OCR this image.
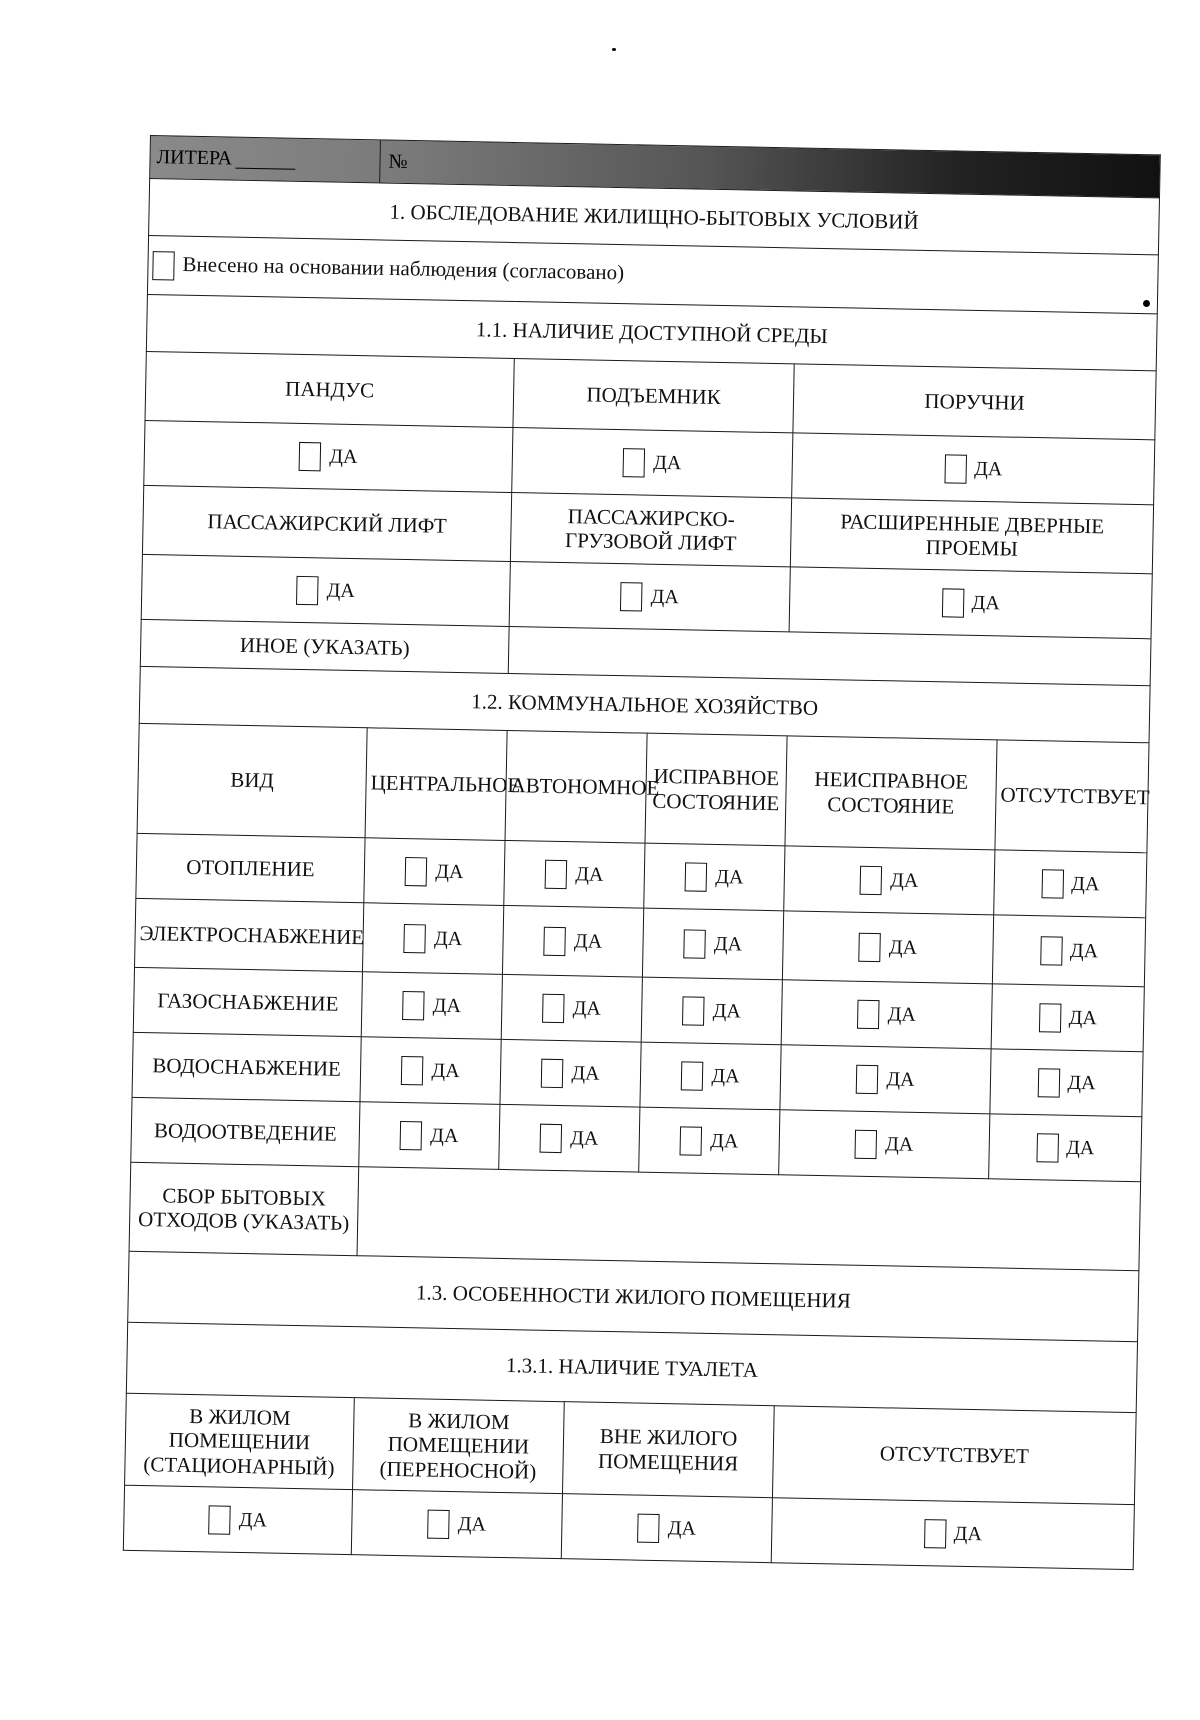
ЛИТЕРА №						

1. ОБСЛЕДОВАНИЕ ЖИЛИЩНО-БЫТОВЫХ УСЛОВИЙ						
Внесено на основании наблюдения (согласовано)						
1.1. НАЛИЧИЕ ДОСТУПНОЙ СРЕДЫ						
ПАНДУС		ПОДЪЕМНИК			ПОРУЧНИ	
ДА		ДА			ДА	
ПАССАЖИРСКИЙ ЛИФТ		ПАССАЖИРСКО-ГРУЗОВОЙ ЛИФТ			РАСШИРЕННЫЕ ДВЕРНЫЕ ПРОЕМЫ	
ДА		ДА			ДА	
ИНОЕ (УКАЗАТЬ)						
1.2. КОММУНАЛЬНОЕ ХОЗЯЙСТВО						
ВИД	ЦЕНТРАЛЬНОЕ	АВТОНОМНОЕ		ИСПРАВНОЕ СОСТОЯНИЕ	НЕИСПРАВНОЕ СОСТОЯНИЕ	ОТСУТСТВУЕТ
ОТОПЛЕНИЕ	ДА	ДА		ДА	ДА	ДА
ЭЛЕКТРОСНАБЖЕНИЕ	ДА	ДА		ДА	ДА	ДА
ГАЗОСНАБЖЕНИЕ	ДА	ДА		ДА	ДА	ДА
ВОДОСНАБЖЕНИЕ	ДА	ДА		ДА	ДА	ДА
ВОДООТВЕДЕНИЕ	ДА	ДА		ДА	ДА	ДА
СБОР БЫТОВЫХ ОТХОДОВ (УКАЗАТЬ)						
1.3. ОСОБЕННОСТИ ЖИЛОГО ПОМЕЩЕНИЯ						
1.3.1. НАЛИЧИЕ ТУАЛЕТА						
В ЖИЛОМ ПОМЕЩЕНИИ (СТАЦИОНАРНЫЙ)	В ЖИЛОМ ПОМЕЩЕНИИ (ПЕРЕНОСНОЙ)		ВНЕ ЖИЛОГО ПОМЕЩЕНИЯ		ОТСУТСТВУЕТ	
ДА	ДА		ДА		ДА	
